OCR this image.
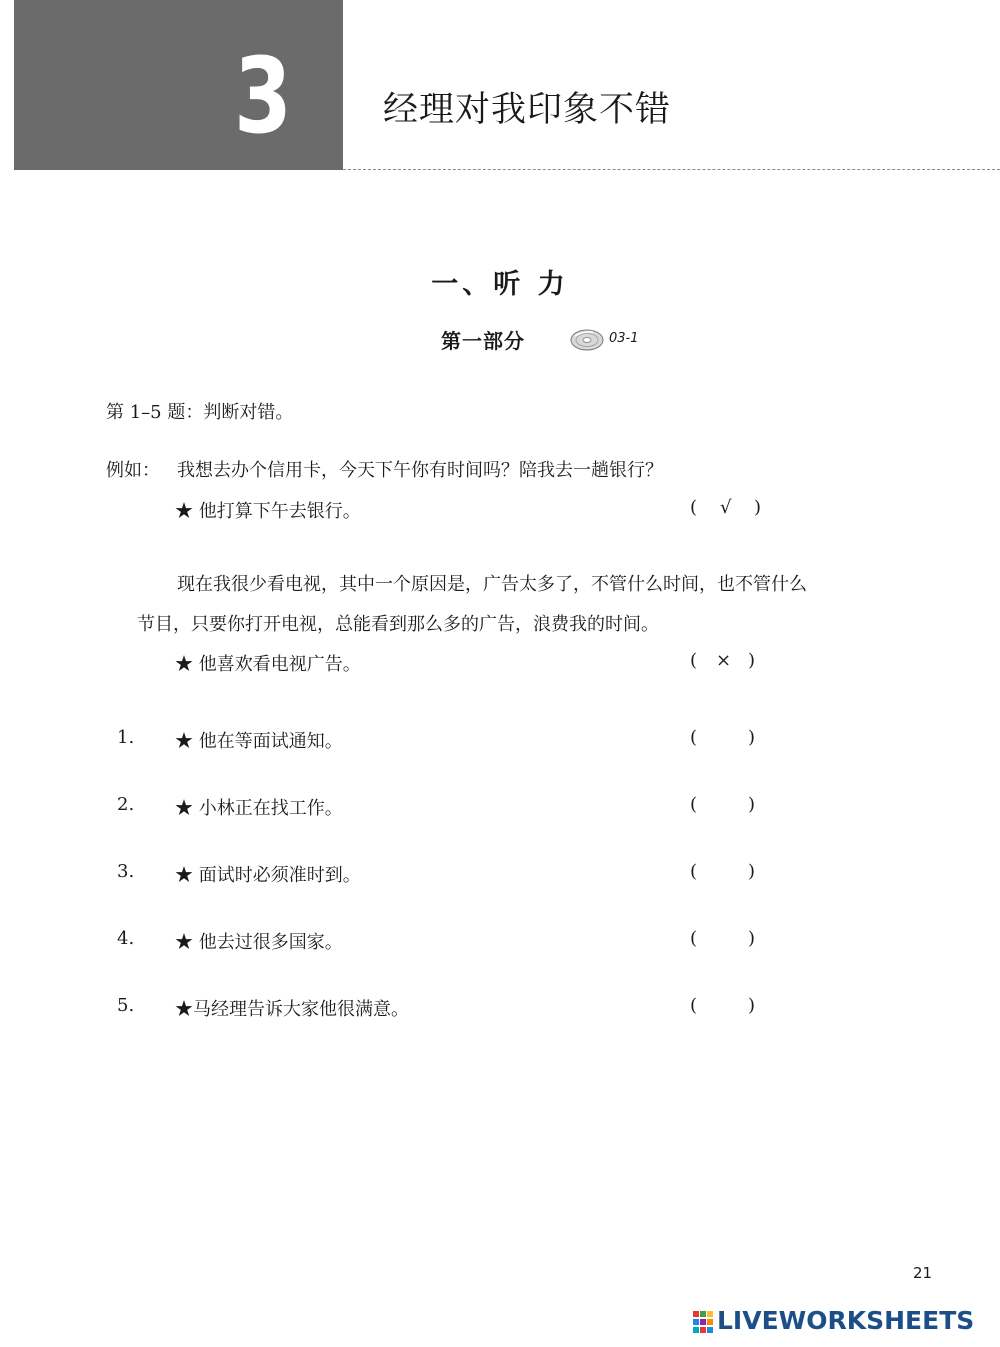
3	经理对我印象不错
一、听 力
第一部分	03-1
第 1–5 题：判断对错。
例如： 我想去办个信用卡，今天下午你有时间吗？陪我去一趟银行？
★ 他打算下午去银行。	( √ )
现在我很少看电视，其中一个原因是，广告太多了，不管什么时间，也不管什么
节目，只要你打开电视，总能看到那么多的广告，浪费我的时间。
★ 他喜欢看电视广告。	( × )
1. ★ 他在等面试通知。	(	)
2. ★ 小林正在找工作。	(	)
3. ★ 面试时必须准时到。	(	)
4. ★ 他去过很多国家。	(	)
5. ★马经理告诉大家他很满意。	(	)
21
LIVEWORKSHEETS
